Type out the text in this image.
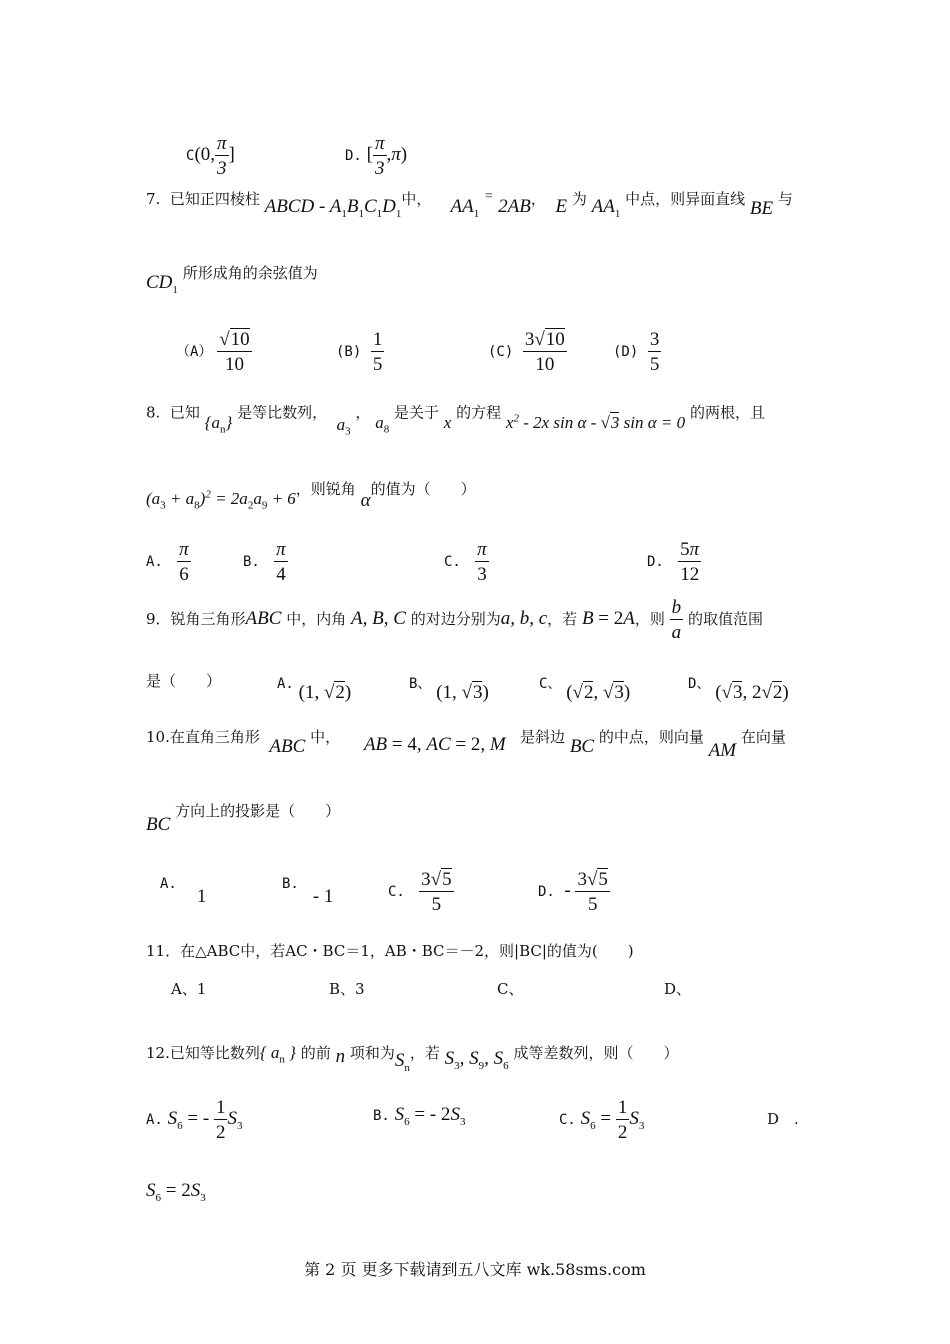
C(0, $\frac{\pi}{3}$ ]	D. [ $\frac{\pi}{3} ,\pi$)
7. 已知正四棱柱 ABCD - $A_1B_1C_1D_1$中， $AA_1$ = 2AB， E 为 $AA_1$ 中点，则异面直线 BE 与
$CD_1$ 所形成角的余弦值为
$(A) \frac{√10}{10}$	$(B) \frac{1}{5}$	$(C) \frac{3√10}{10}$	$(D) \frac{3}{5}$
8. 已知 $\{a_n\}$ 是等比数列，  $a_3$ ， $a_8$ 是关于 x 的方程 $x^2 - 2x$ sin α - √3 sin α = 0 的两根，且
$(a_3 + a_8)^2 = 2a_2a_9 + 6$，则锐角 α的值为（　　）
A. $\frac{\pi}{6}$	B. $\frac{\pi}{4}$	C. $\frac{\pi}{3}$	D. $\frac{5\pi}{12}$
9．锐角三角形ABC 中，内角 A, B, C 的对边分别为a, b, c，若 B = 2A，则 $\frac{b}{a}$ 的取值范围
是（　　）	A. (1, √2)	B、 (1, √3)	C、 (√2, √3)	D、 (√3, 2√2)
10.在直角三角形 ABC 中， AB = 4, AC = 2, M 是斜边 BC 的中点，则向量 AM 在向量
BC 方向上的投影是（　　）
A.1
B.- 1	C. $\frac{3√5}{5}$	D. - $\frac{3√5}{5}$
11．在△ABC中，若AC・BC＝1，AB・BC＝－2，则|BC|的值为(　　)
A、1	B、3	C、	D、
12.已知等比数列{ $a_n$ } 的前 n 项和为$S_n$，若 $S_3$, $S_9$, $S_6$ 成等差数列，则（　　）
A. $S_6$ = - $\frac{1}{2} S_3$
B. $S_6$ = - $2S_3$	C. $S_6 = \frac{1}{2} S_3$	D　.
$S_6 = 2S_3$
第 2 页 更多下载请到五八文库 wk.58sms.com
